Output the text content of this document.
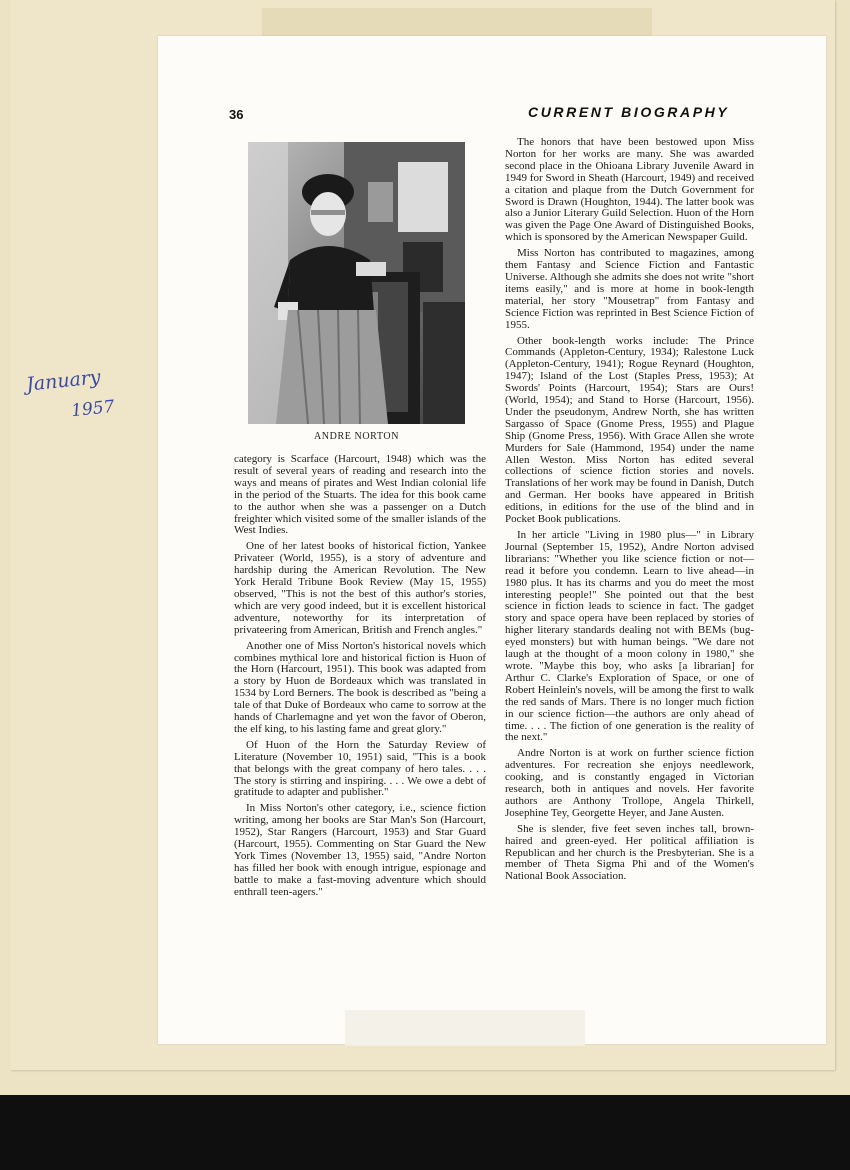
January
1957
36	CURRENT BIOGRAPHY
ANDRE NORTON

category is Scarface (Harcourt, 1948) which was the result of several years of reading and research into the ways and means of pirates and West Indian colonial life in the period of the Stuarts. The idea for this book came to the author when she was a passenger on a Dutch freighter which visited some of the smaller islands of the West Indies.

One of her latest books of historical fiction, Yankee Privateer (World, 1955), is a story of adventure and hardship during the American Revolution. The New York Herald Tribune Book Review (May 15, 1955) observed, "This is not the best of this author's stories, which are very good indeed, but it is excellent historical adventure, noteworthy for its interpretation of privateering from American, British and French angles."

Another one of Miss Norton's historical novels which combines mythical lore and historical fiction is Huon of the Horn (Harcourt, 1951). This book was adapted from a story by Huon de Bordeaux which was translated in 1534 by Lord Berners. The book is described as "being a tale of that Duke of Bordeaux who came to sorrow at the hands of Charlemagne and yet won the favor of Oberon, the elf king, to his lasting fame and great glory."

Of Huon of the Horn the Saturday Review of Literature (November 10, 1951) said, "This is a book that belongs with the great company of hero tales. . . . The story is stirring and inspiring. . . . We owe a debt of gratitude to adapter and publisher."

In Miss Norton's other category, i.e., science fiction writing, among her books are Star Man's Son (Harcourt, 1952), Star Rangers (Harcourt, 1953) and Star Guard (Harcourt, 1955). Commenting on Star Guard the New York Times (November 13, 1955) said, "Andre Norton has filled her book with enough intrigue, espionage and battle to make a fast-moving adventure which should enthrall teen-agers."

The honors that have been bestowed upon Miss Norton for her works are many. She was awarded second place in the Ohioana Library Juvenile Award in 1949 for Sword in Sheath (Harcourt, 1949) and received a citation and plaque from the Dutch Government for Sword is Drawn (Houghton, 1944). The latter book was also a Junior Literary Guild Selection. Huon of the Horn was given the Page One Award of Distinguished Books, which is sponsored by the American Newspaper Guild.

Miss Norton has contributed to magazines, among them Fantasy and Science Fiction and Fantastic Universe. Although she admits she does not write "short items easily," and is more at home in book-length material, her story "Mousetrap" from Fantasy and Science Fiction was reprinted in Best Science Fiction of 1955.

Other book-length works include: The Prince Commands (Appleton-Century, 1934); Ralestone Luck (Appleton-Century, 1941); Rogue Reynard (Houghton, 1947); Island of the Lost (Staples Press, 1953); At Swords' Points (Harcourt, 1954); Stars are Ours! (World, 1954); and Stand to Horse (Harcourt, 1956). Under the pseudonym, Andrew North, she has written Sargasso of Space (Gnome Press, 1955) and Plague Ship (Gnome Press, 1956). With Grace Allen she wrote Murders for Sale (Hammond, 1954) under the name Allen Weston. Miss Norton has edited several collections of science fiction stories and novels. Translations of her work may be found in Danish, Dutch and German. Her books have appeared in British editions, in editions for the use of the blind and in Pocket Book publications.

In her article "Living in 1980 plus—" in Library Journal (September 15, 1952), Andre Norton advised librarians: "Whether you like science fiction or not—read it before you condemn. Learn to live ahead—in 1980 plus. It has its charms and you do meet the most interesting people!" She pointed out that the best science in fiction leads to science in fact. The gadget story and space opera have been replaced by stories of higher literary standards dealing not with BEMs (bug-eyed monsters) but with human beings. "We dare not laugh at the thought of a moon colony in 1980," she wrote. "Maybe this boy, who asks [a librarian] for Arthur C. Clarke's Exploration of Space, or one of Robert Heinlein's novels, will be among the first to walk the red sands of Mars. There is no longer much fiction in our science fiction—the authors are only ahead of time. . . . The fiction of one generation is the reality of the next."

Andre Norton is at work on further science fiction adventures. For recreation she enjoys needlework, cooking, and is constantly engaged in Victorian research, both in antiques and novels. Her favorite authors are Anthony Trollope, Angela Thirkell, Josephine Tey, Georgette Heyer, and Jane Austen.

She is slender, five feet seven inches tall, brown-haired and green-eyed. Her political affiliation is Republican and her church is the Presbyterian. She is a member of Theta Sigma Phi and of the Women's National Book Association.
